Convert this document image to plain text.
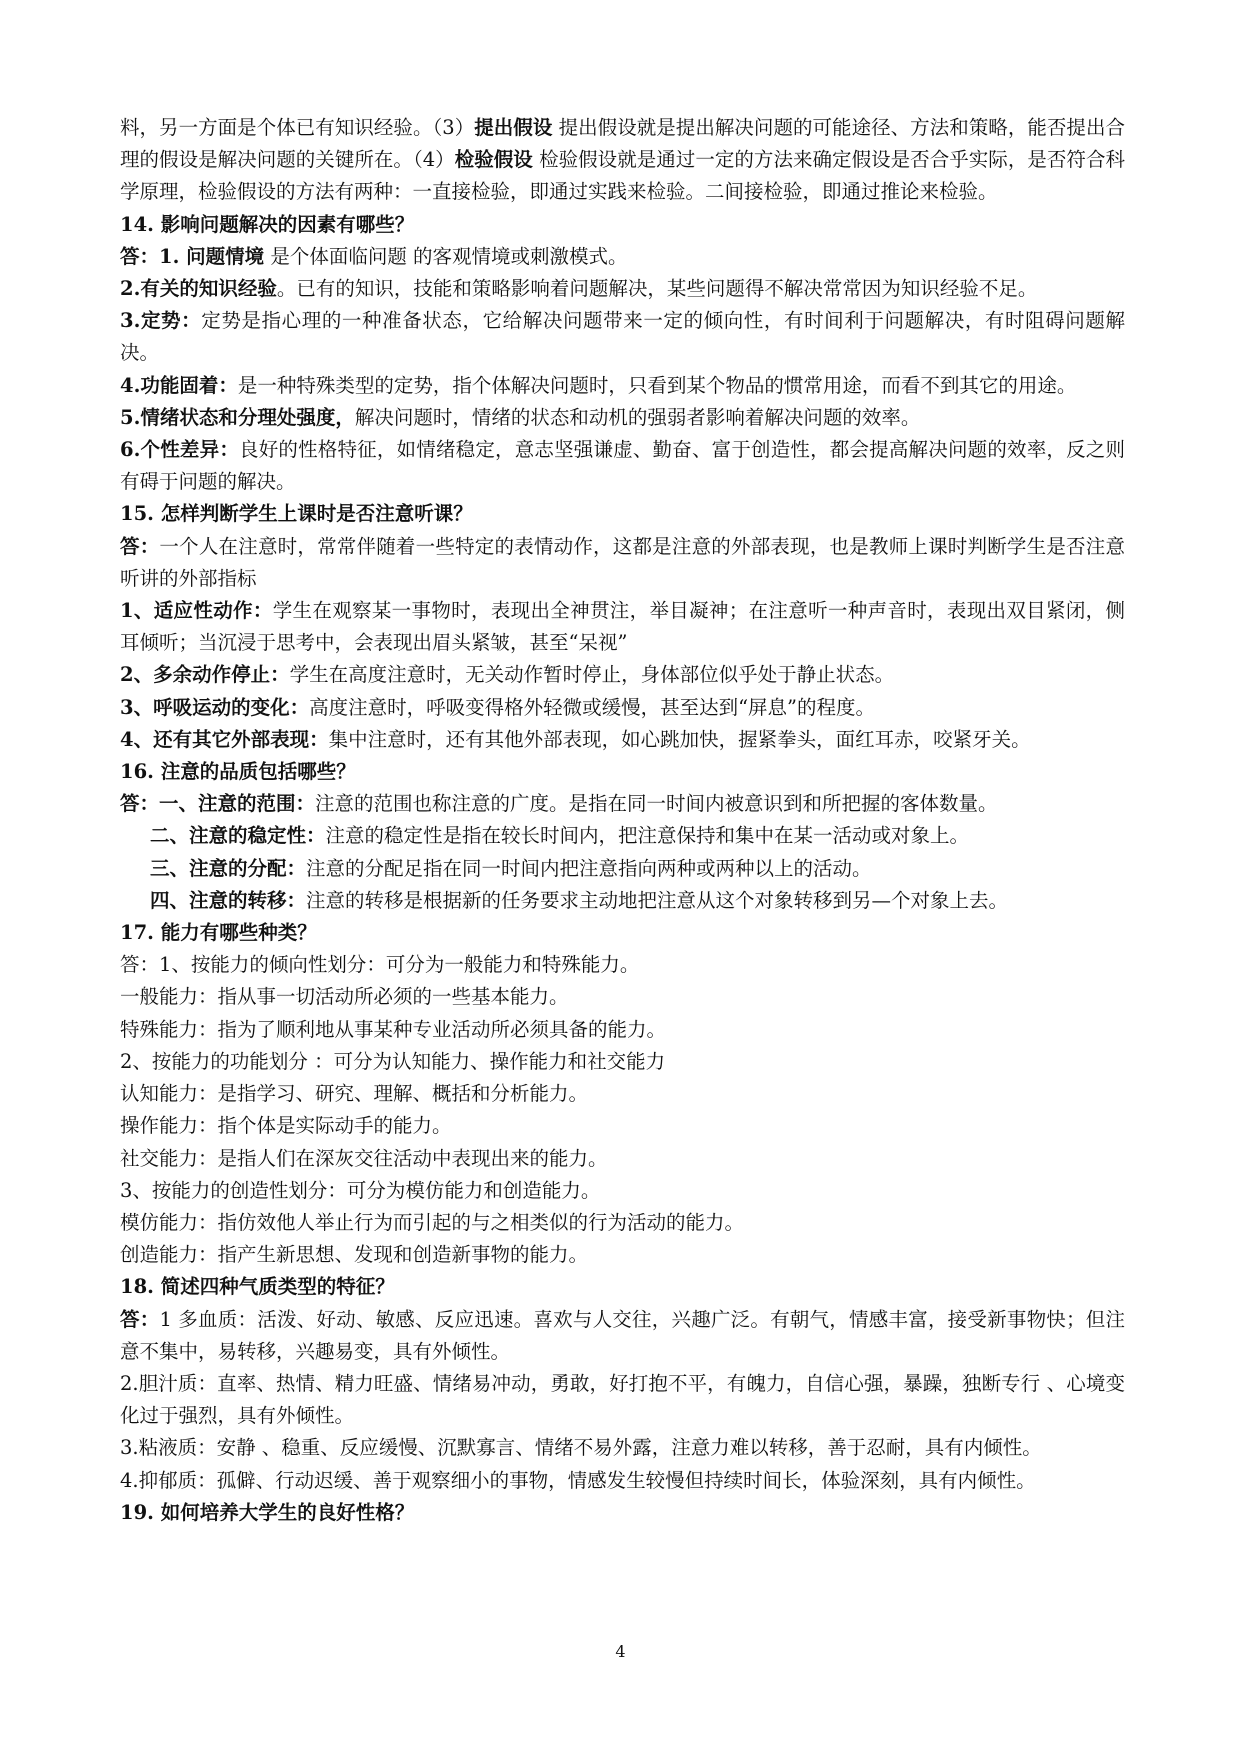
料，另一方面是个体已有知识经验。（3）提出假设 提出假设就是提出解决问题的可能途径、方法和策略，能否提出合理的假设是解决问题的关键所在。（4）检验假设 检验假设就是通过一定的方法来确定假设是否合乎实际，是否符合科学原理，检验假设的方法有两种：一直接检验，即通过实践来检验。二间接检验，即通过推论来检验。

14. 影响问题解决的因素有哪些？

答：1. 问题情境 是个体面临问题 的客观情境或刺激模式。

2.有关的知识经验。已有的知识，技能和策略影响着问题解决，某些问题得不解决常常因为知识经验不足。

3.定势：定势是指心理的一种准备状态，它给解决问题带来一定的倾向性，有时间利于问题解决，有时阻碍问题解决。

4.功能固着：是一种特殊类型的定势，指个体解决问题时，只看到某个物品的惯常用途，而看不到其它的用途。

5.情绪状态和分理处强度，解决问题时，情绪的状态和动机的强弱者影响着解决问题的效率。

6.个性差异：良好的性格特征，如情绪稳定，意志坚强谦虚、勤奋、富于创造性，都会提高解决问题的效率，反之则有碍于问题的解决。

15. 怎样判断学生上课时是否注意听课？

答：一个人在注意时，常常伴随着一些特定的表情动作，这都是注意的外部表现，也是教师上课时判断学生是否注意听讲的外部指标

1、适应性动作：学生在观察某一事物时，表现出全神贯注，举目凝神；在注意听一种声音时，表现出双目紧闭，侧耳倾听；当沉浸于思考中，会表现出眉头紧皱，甚至“呆视”

2、多余动作停止：学生在高度注意时，无关动作暂时停止，身体部位似乎处于静止状态。

3、呼吸运动的变化：高度注意时，呼吸变得格外轻微或缓慢，甚至达到“屏息”的程度。

4、还有其它外部表现：集中注意时，还有其他外部表现，如心跳加快，握紧拳头，面红耳赤，咬紧牙关。

16. 注意的品质包括哪些？

答：一、注意的范围：注意的范围也称注意的广度。是指在同一时间内被意识到和所把握的客体数量。

二、注意的稳定性：注意的稳定性是指在较长时间内，把注意保持和集中在某一活动或对象上。

三、注意的分配：注意的分配足指在同一时间内把注意指向两种或两种以上的活动。

四、注意的转移：注意的转移是根据新的任务要求主动地把注意从这个对象转移到另—个对象上去。

17. 能力有哪些种类？

答：1、按能力的倾向性划分：可分为一般能力和特殊能力。

一般能力：指从事一切活动所必须的一些基本能力。

特殊能力：指为了顺利地从事某种专业活动所必须具备的能力。

2、按能力的功能划分 ：可分为认知能力、操作能力和社交能力

认知能力：是指学习、研究、理解、概括和分析能力。

操作能力：指个体是实际动手的能力。

社交能力：是指人们在深灰交往活动中表现出来的能力。

3、按能力的创造性划分：可分为模仿能力和创造能力。

模仿能力：指仿效他人举止行为而引起的与之相类似的行为活动的能力。

创造能力：指产生新思想、发现和创造新事物的能力。

18. 简述四种气质类型的特征？

答：1 多血质：活泼、好动、敏感、反应迅速。喜欢与人交往，兴趣广泛。有朝气，情感丰富，接受新事物快；但注意不集中，易转移，兴趣易变，具有外倾性。

2.胆汁质：直率、热情、精力旺盛、情绪易冲动，勇敢，好打抱不平，有魄力，自信心强，暴躁，独断专行 、心境变化过于强烈，具有外倾性。

3.粘液质：安静 、稳重、反应缓慢、沉默寡言、情绪不易外露，注意力难以转移，善于忍耐，具有内倾性。

4.抑郁质：孤僻、行动迟缓、善于观察细小的事物，情感发生较慢但持续时间长，体验深刻，具有内倾性。

19. 如何培养大学生的良好性格？

4
